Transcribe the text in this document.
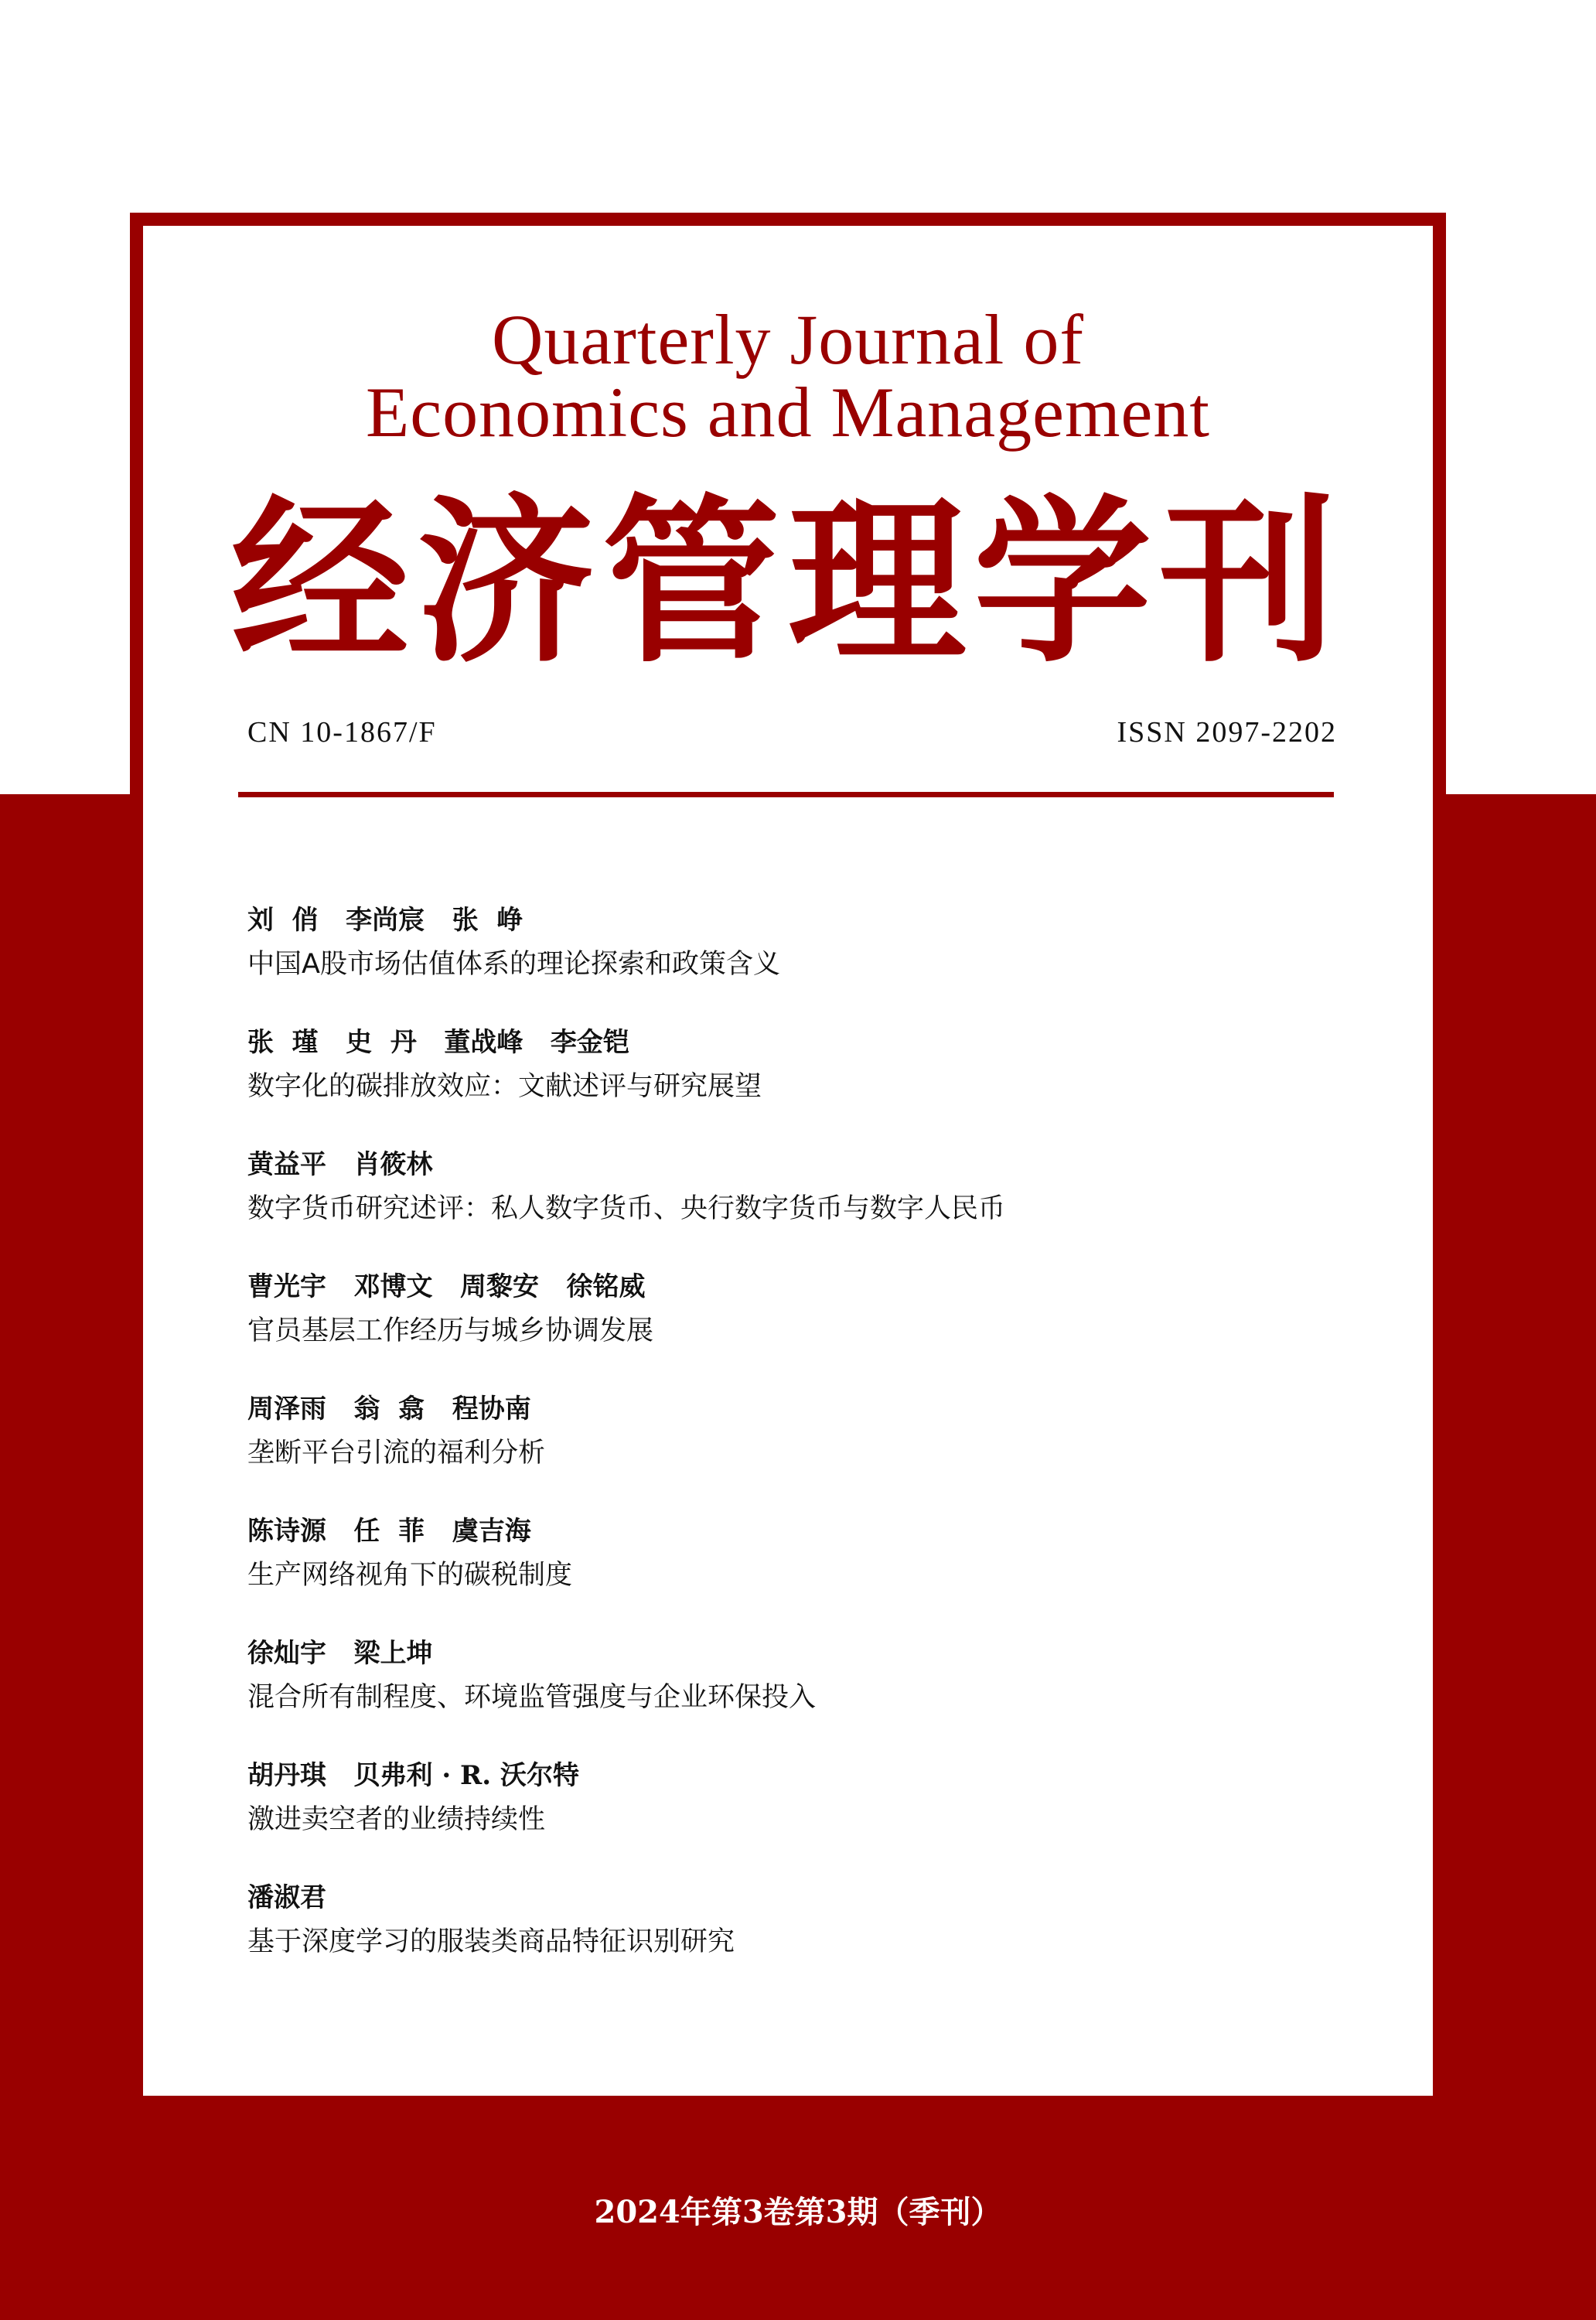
Quarterly Journal of
Economics and Management
经济管理学刊
CN 10-1867/F	ISSN 2097-2202
刘  俏   李尚宸   张  峥
中国A股市场估值体系的理论探索和政策含义
张  瑾   史  丹   董战峰   李金铠
数字化的碳排放效应：文献述评与研究展望
黄益平   肖筱林
数字货币研究述评：私人数字货币、央行数字货币与数字人民币
曹光宇   邓博文   周黎安   徐铭威
官员基层工作经历与城乡协调发展
周泽雨   翁  翕   程协南
垄断平台引流的福利分析
陈诗源   任  菲   虞吉海
生产网络视角下的碳税制度
徐灿宇   梁上坤
混合所有制程度、环境监管强度与企业环保投入
胡丹琪   贝弗利 · R. 沃尔特
激进卖空者的业绩持续性
潘淑君
基于深度学习的服装类商品特征识别研究
2024年第3卷第3期（季刊）
